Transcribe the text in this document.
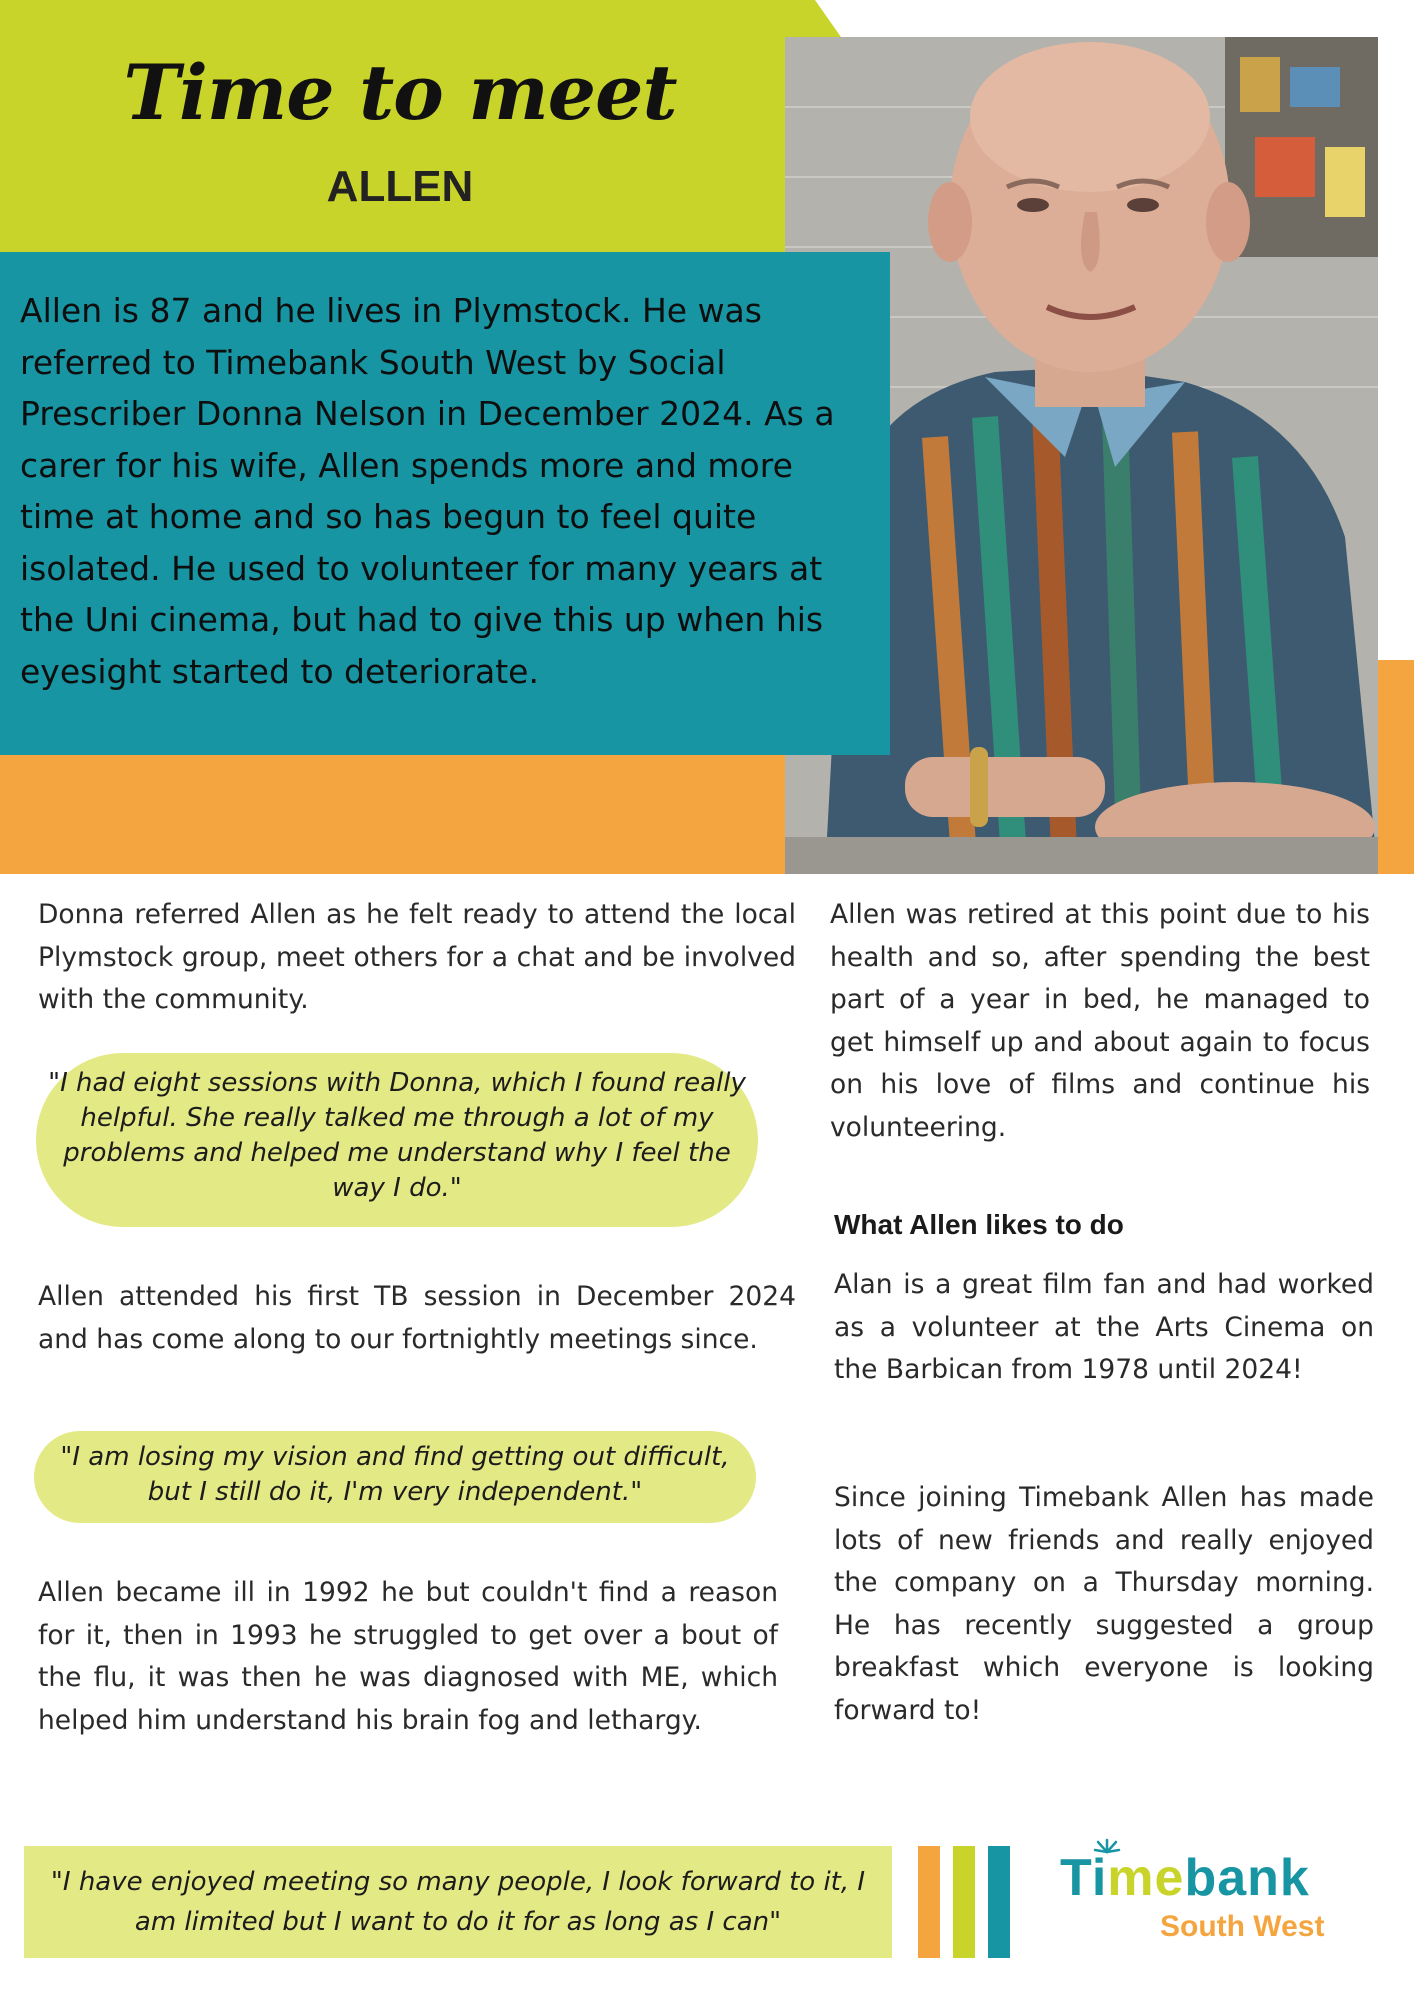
Time to meet
ALLEN
Allen is 87 and he lives in Plymstock. He was referred to Timebank South West by Social Prescriber Donna Nelson in December 2024. As a carer for his wife, Allen spends more and more time at home and so has begun to feel quite isolated. He used to volunteer for many years at the Uni cinema, but had to give this up when his eyesight started to deteriorate.
Donna referred Allen as he felt ready to attend the local Plymstock group, meet others for a chat and be involved with the community.
"I had eight sessions with Donna, which I found really helpful. She really talked me through a lot of my problems and helped me understand why I feel the way I do."
Allen attended his first TB session in December 2024 and has come along to our fortnightly meetings since.
"I am losing my vision and find getting out difficult, but I still do it, I'm very independent."
Allen became ill in 1992 he but couldn't find a reason for it, then in 1993 he struggled to get over a bout of the flu, it was then he was diagnosed with ME, which helped him understand his brain fog and lethargy.
Allen was retired at this point due to his health and so, after spending the best part of a year in bed, he managed to get himself up and about again to focus on his love of films and continue his volunteering.
What Allen likes to do
Alan is a great film fan and had worked as a volunteer at the Arts Cinema on the Barbican from 1978 until 2024!
Since joining Timebank Allen has made lots of new friends and really enjoyed the company on a Thursday morning. He has recently suggested a group breakfast which everyone is looking forward to!
"I have enjoyed meeting so many people, I look forward to it, I am limited but I want to do it for as long as I can"
Timebank
South West
